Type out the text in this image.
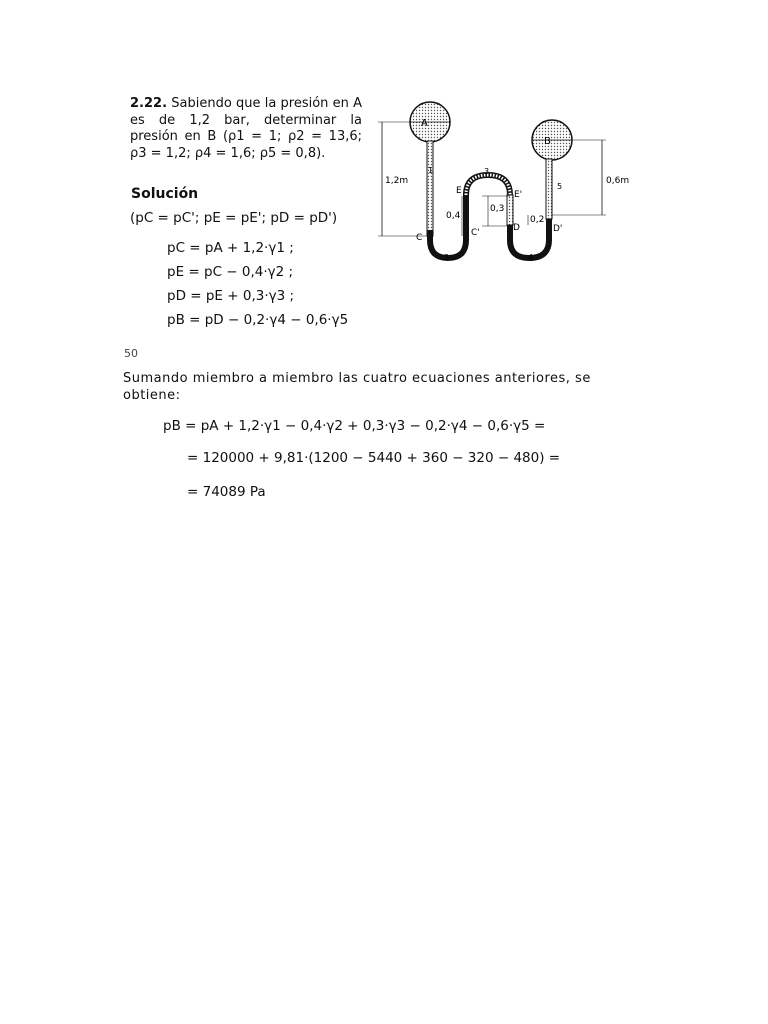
2.22. Sabiendo que la presión en A es de 1,2 bar, determinar la presión en B (ρ1 = 1; ρ2 = 13,6; ρ3 = 1,2; ρ4 = 1,6; ρ5 = 0,8).
Solución
(pC = pC'; pE = pE'; pD = pD')
pC = pA + 1,2·γ1 ;
pE = pC − 0,4·γ2 ;
pD = pE + 0,3·γ3 ;
pB = pD − 0,2·γ4 − 0,6·γ5
50
Sumando miembro a miembro las cuatro ecuaciones anteriores, se obtiene:
pB = pA + 1,2·γ1 − 0,4·γ2 + 0,3·γ3 − 0,2·γ4 − 0,6·γ5 =
= 120000 + 9,81·(1200 − 5440 + 360 − 320 − 480) =
= 74089 Pa
A
B
1,2m	0,6m
0,4
0,3
0,2
C	C'
E	E'
D	D'
1
2
3
4
5
